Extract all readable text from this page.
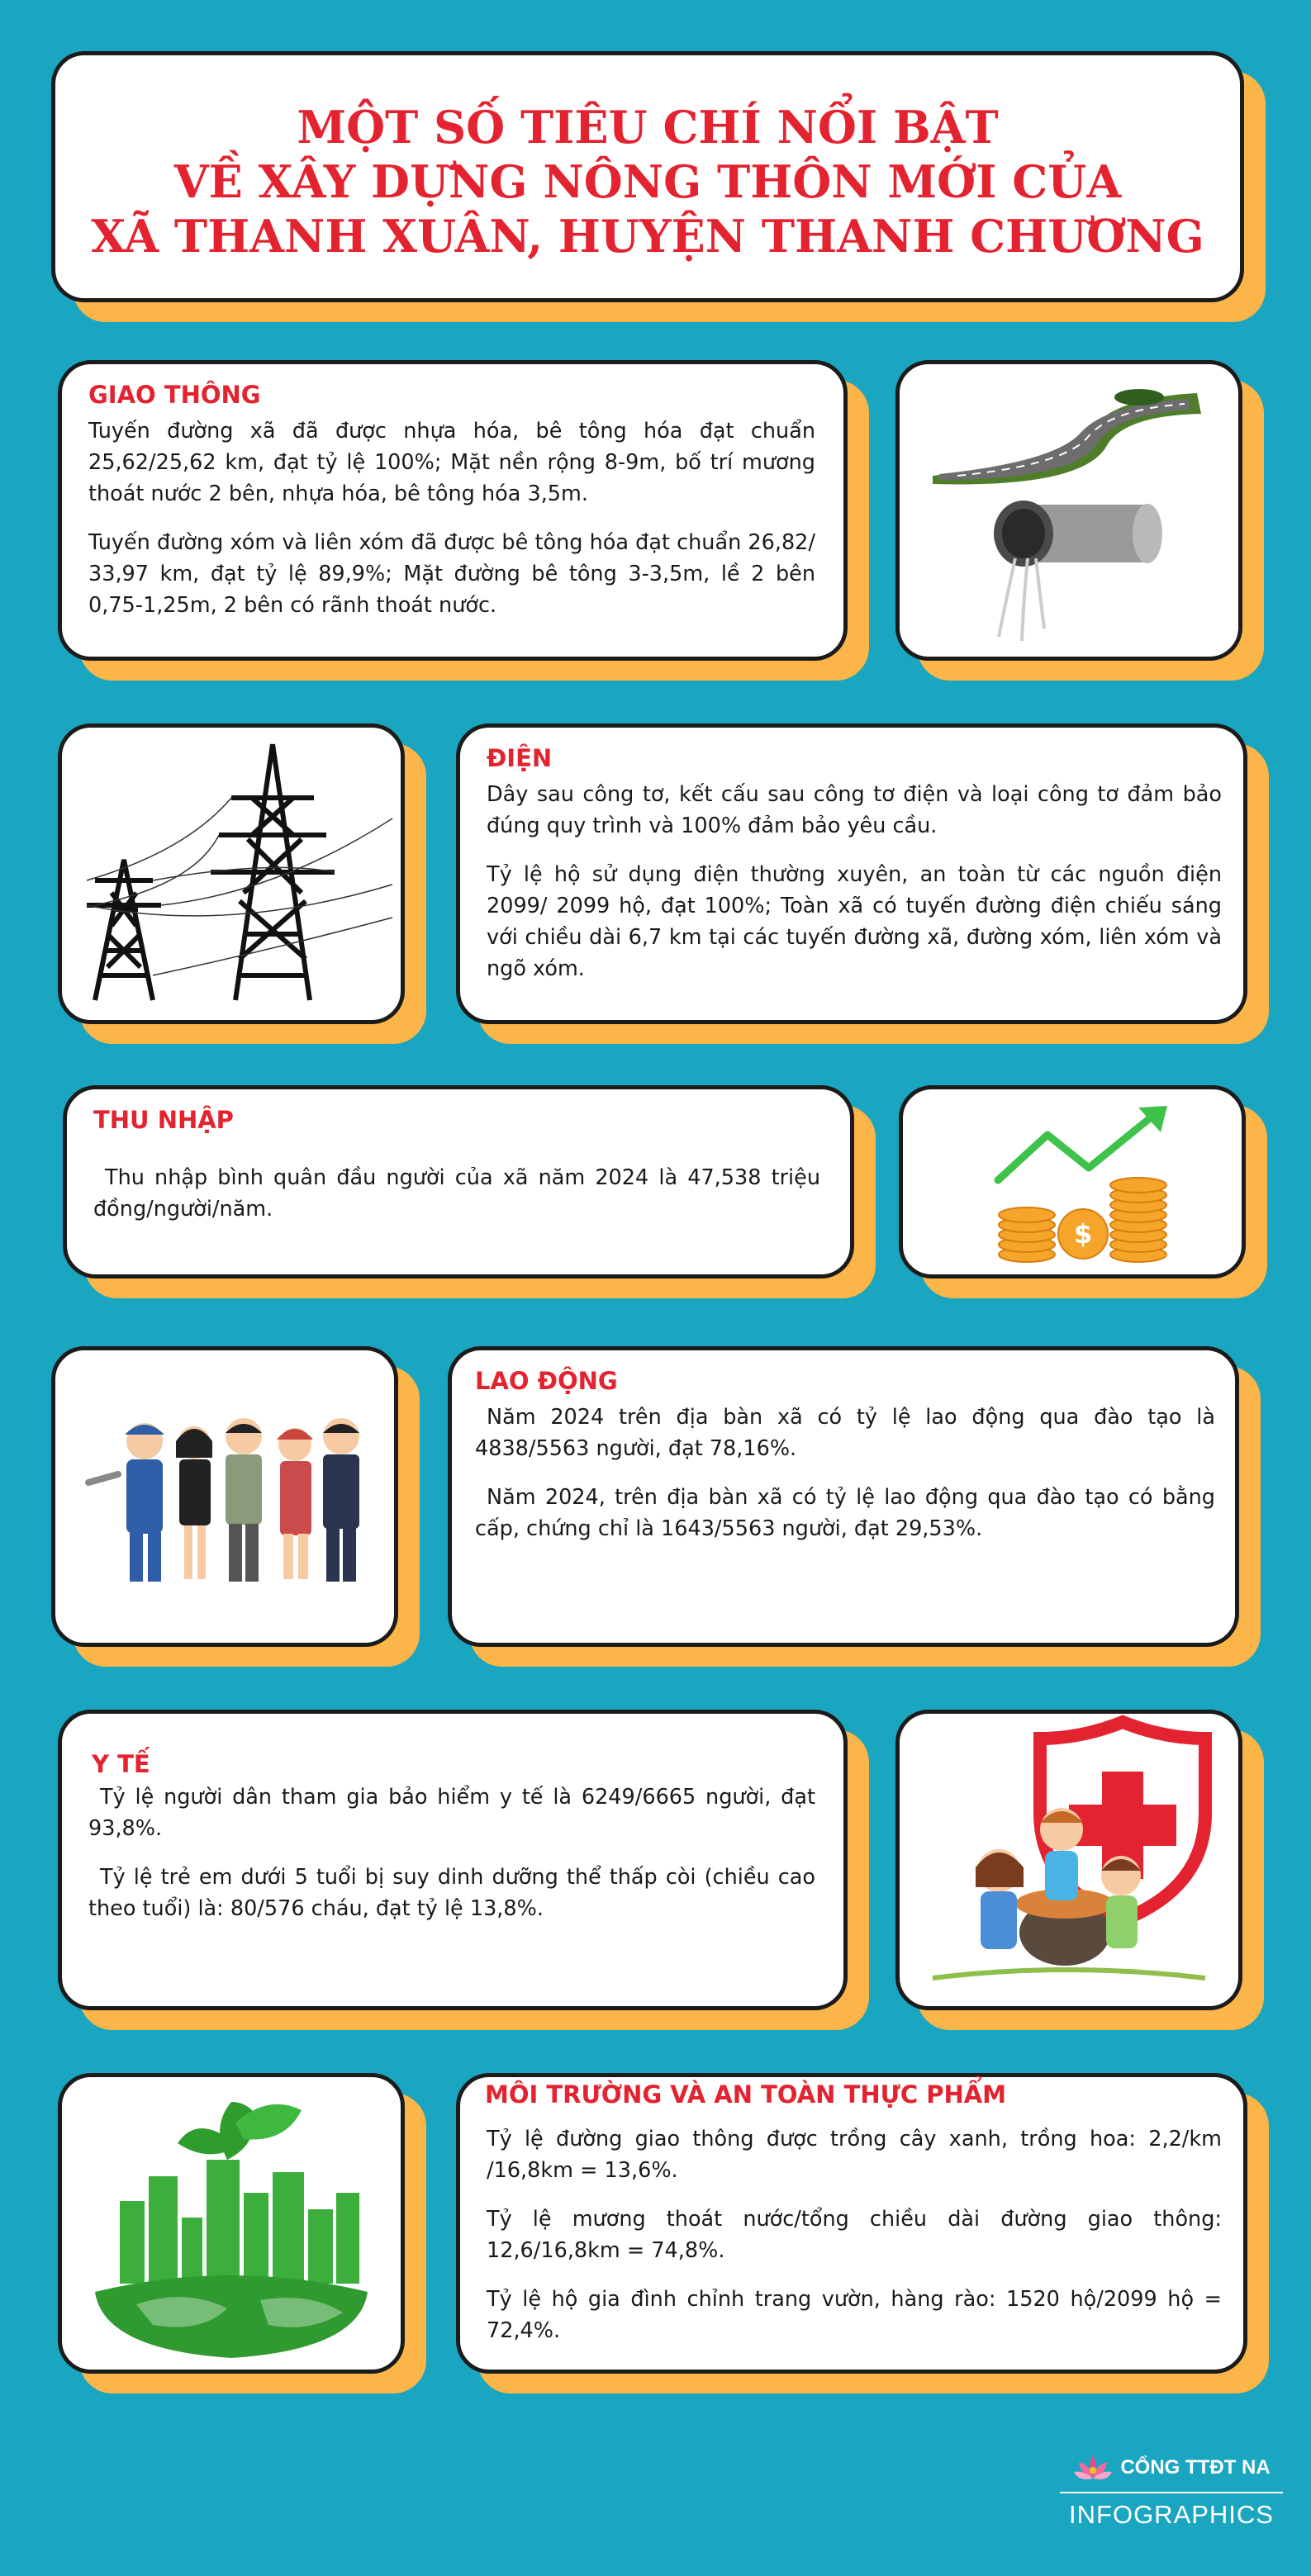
MỘT SỐ TIÊU CHÍ NỔI BẬT
VỀ XÂY DỰNG NÔNG THÔN MỚI CỦA
XÃ THANH XUÂN, HUYỆN THANH CHƯƠNG
GIAO THÔNG

Tuyến đường xã đã được nhựa hóa, bê tông hóa đạt chuẩn 25,62/25,62 km, đạt tỷ lệ 100%; Mặt nền rộng 8-9m, bố trí mương thoát nước 2 bên, nhựa hóa, bê tông hóa 3,5m.

Tuyến đường xóm và liên xóm đã được bê tông hóa đạt chuẩn 26,82/ 33,97 km, đạt tỷ lệ 89,9%; Mặt đường bê tông 3-3,5m, lề 2 bên 0,75-1,25m, 2 bên có rãnh thoát nước.

ĐIỆN

Dây sau công tơ, kết cấu sau công tơ điện và loại công tơ đảm bảo đúng quy trình và 100% đảm bảo yêu cầu.

Tỷ lệ hộ sử dụng điện thường xuyên, an toàn từ các nguồn điện 2099/ 2099 hộ, đạt 100%; Toàn xã có tuyến đường điện chiếu sáng với chiều dài 6,7 km tại các tuyến đường xã, đường xóm, liên xóm và ngõ xóm.

THU NHẬP

Thu nhập bình quân đầu người của xã năm 2024 là 47,538 triệu đồng/người/năm.

$
LAO ĐỘNG

Năm 2024 trên địa bàn xã có tỷ lệ lao động qua đào tạo là 4838/5563 người, đạt 78,16%.

Năm 2024, trên địa bàn xã có tỷ lệ lao động qua đào tạo có bằng cấp, chứng chỉ là 1643/5563 người, đạt 29,53%.

Y TẾ

Tỷ lệ người dân tham gia bảo hiểm y tế là 6249/6665 người, đạt 93,8%.

Tỷ lệ trẻ em dưới 5 tuổi bị suy dinh dưỡng thể thấp còi (chiều cao theo tuổi) là: 80/576 cháu, đạt tỷ lệ 13,8%.

MÔI TRƯỜNG VÀ AN TOÀN THỰC PHẨM

Tỷ lệ đường giao thông được trồng cây xanh, trồng hoa: 2,2/km /16,8km = 13,6%.

Tỷ lệ mương thoát nước/tổng chiều dài đường giao thông: 12,6/16,8km = 74,8%.

Tỷ lệ hộ gia đình chỉnh trang vườn, hàng rào: 1520 hộ/2099 hộ = 72,4%.

CỔNG TTĐT NA
INFOGRAPHICS
